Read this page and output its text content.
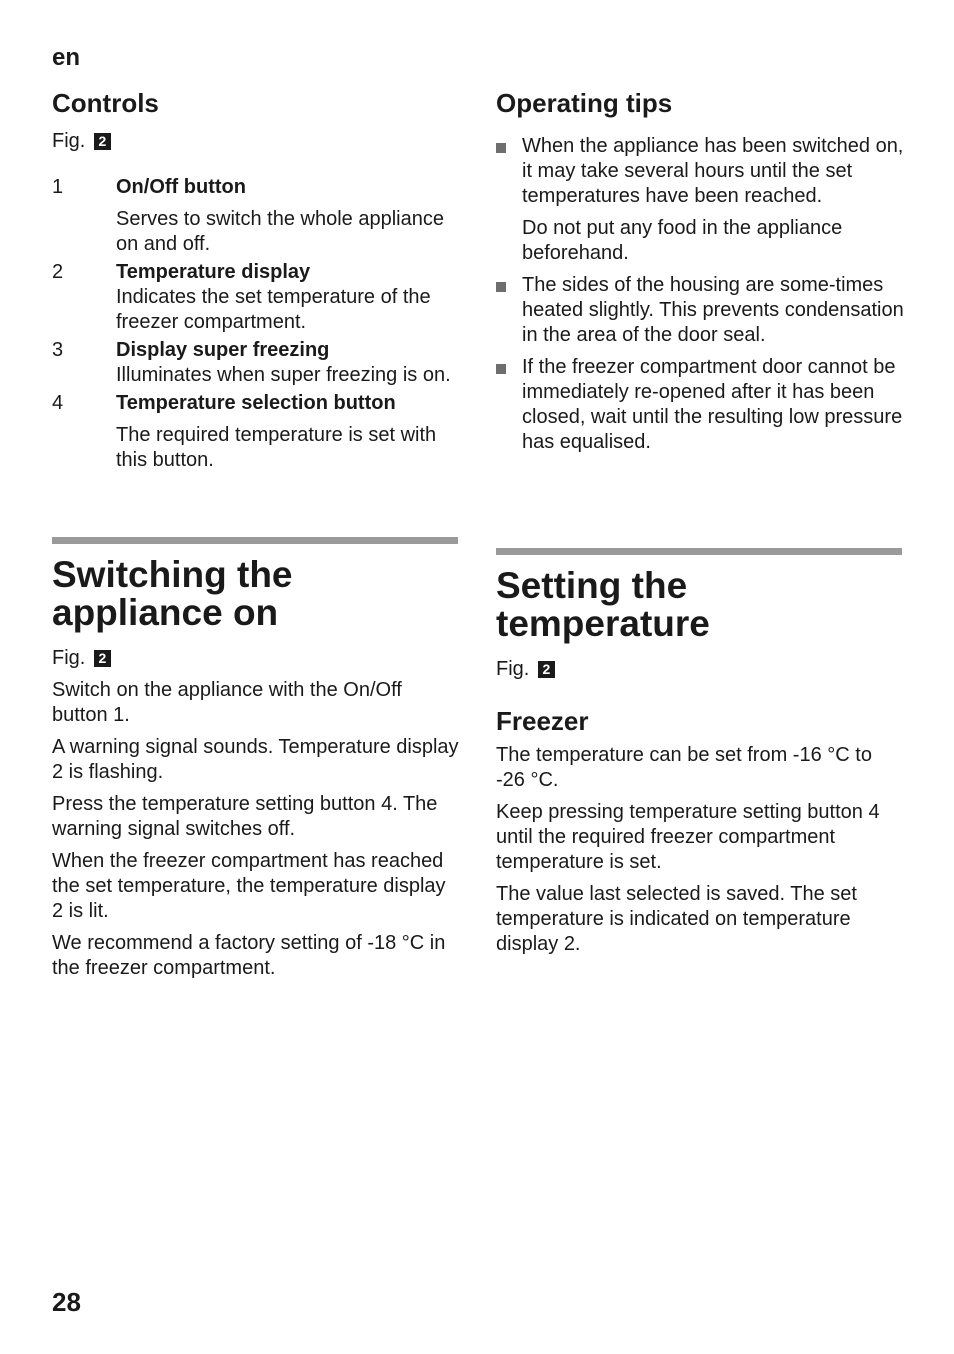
en
Controls
Fig. 2
1	On/Off button
Serves to switch the whole appliance on and off.
2	Temperature display
Indicates the set temperature of the freezer compartment.
3	Display super freezing
Illuminates when super freezing is on.
4	Temperature selection button
The required temperature is set with this button.
Operating tips
When the appliance has been switched on, it may take several hours until the set temperatures have been reached.
Do not put any food in the appliance beforehand.
The sides of the housing are some-times heated slightly. This prevents condensation in the area of the door seal.
If the freezer compartment door cannot be immediately re-opened after it has been closed, wait until the resulting low pressure has equalised.
Switching the
appliance on
Fig. 2
Switch on the appliance with the On/Off button 1.
A warning signal sounds. Temperature display 2 is flashing.
Press the temperature setting button 4. The warning signal switches off.
When the freezer compartment has reached the set temperature, the temperature display 2 is lit.
We recommend a factory setting of -18 °C in the freezer compartment.
Setting the
temperature
Fig. 2
Freezer
The temperature can be set from -16 °C to -26 °C.
Keep pressing temperature setting button 4 until the required freezer compartment temperature is set.
The value last selected is saved. The set temperature is indicated on temperature display 2.
28
